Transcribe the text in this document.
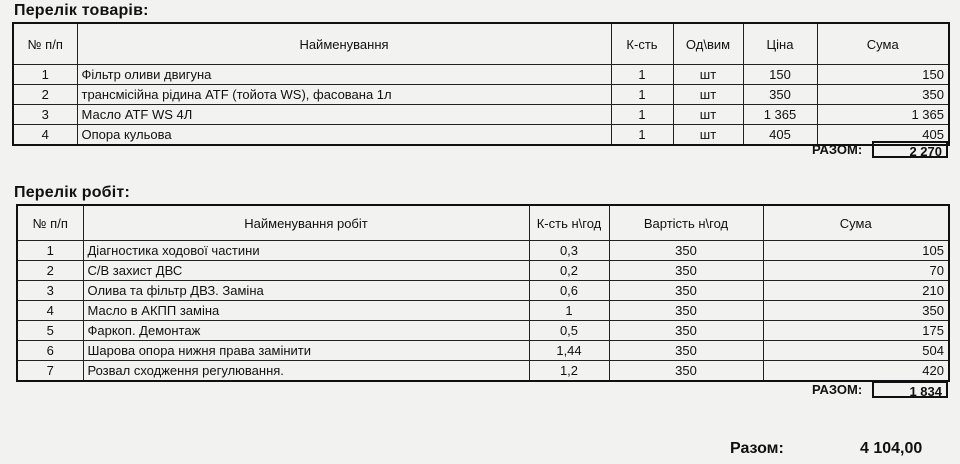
Перелік товарів:
№ п/п	Найменування	К-сть	Од\вим	Ціна	Сума
1	Фільтр оливи двигуна	1	шт	150	150
2	трансмісійна рідина ATF (тойота WS), фасована 1л	1	шт	350	350
3	Масло ATF WS 4Л	1	шт	1 365	1 365
4	Опора кульова	1	шт	405	405
РАЗОМ:	2 270
Перелік робіт:
№ п/п	Найменування робіт	К-сть н\год	Вартість н\год	Сума
1	Діагностика ходової частини	0,3	350	105
2	С/В захист ДВС	0,2	350	70
3	Олива та фільтр ДВЗ. Заміна	0,6	350	210
4	Масло в АКПП заміна	1	350	350
5	Фаркоп. Демонтаж	0,5	350	175
6	Шарова опора нижня права замінити	1,44	350	504
7	Розвал сходження регулювання.	1,2	350	420
РАЗОМ:	1 834
Разом:	4 104,00
